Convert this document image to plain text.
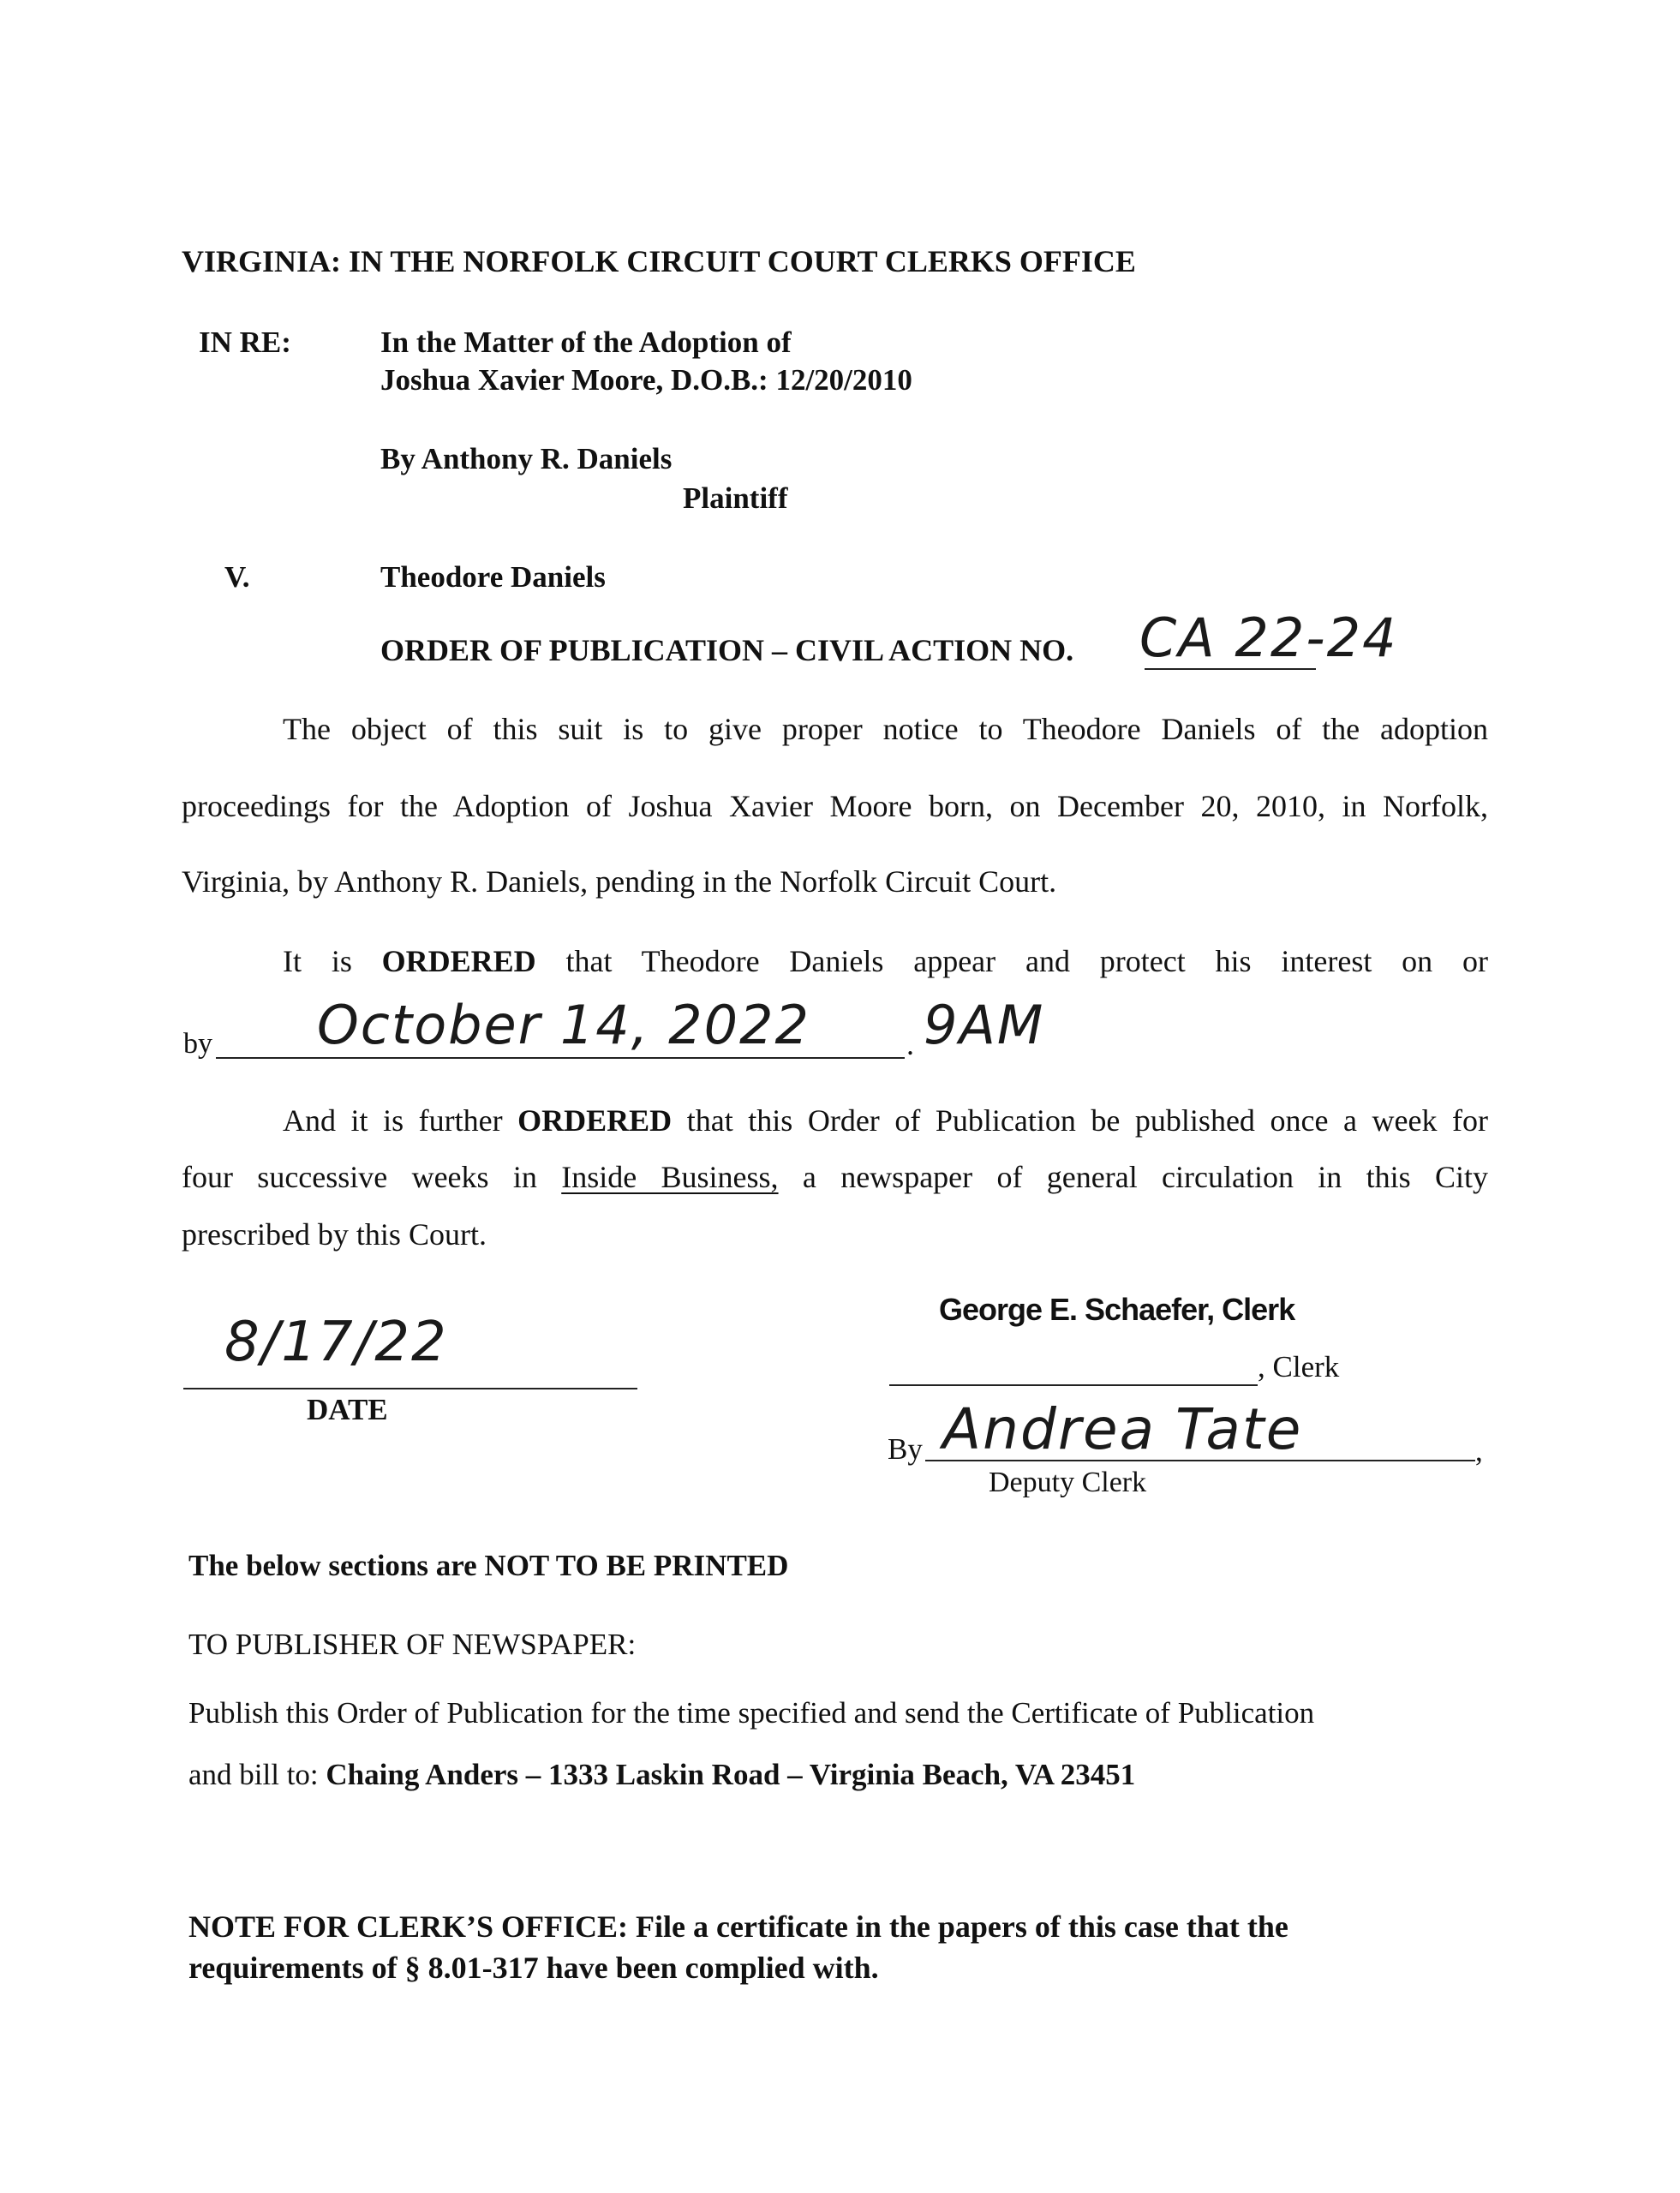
VIRGINIA: IN THE NORFOLK CIRCUIT COURT CLERKS OFFICE
IN RE:	In the Matter of the Adoption of
Joshua Xavier Moore, D.O.B.: 12/20/2010
By Anthony R. Daniels
Plaintiff
V.	Theodore Daniels
ORDER OF PUBLICATION – CIVIL ACTION NO. CA 22-24
The object of this suit is to give proper notice to Theodore Daniels of the adoption
proceedings for the Adoption of Joshua Xavier Moore born, on December 20, 2010, in Norfolk,
Virginia, by Anthony R. Daniels, pending in the Norfolk Circuit Court.
It is ORDERED that Theodore Daniels appear and protect his interest on or
by October 14, 2022	. 9AM
And it is further ORDERED that this Order of Publication be published once a week for
four successive weeks in Inside Business, a newspaper of general circulation in this City
prescribed by this Court.
8/17/22
DATE
George E. Schaefer, Clerk
, Clerk
By Andrea Tate	,
Deputy Clerk
The below sections are NOT TO BE PRINTED
TO PUBLISHER OF NEWSPAPER:
Publish this Order of Publication for the time specified and send the Certificate of Publication
and bill to: Chaing Anders – 1333 Laskin Road – Virginia Beach, VA 23451
NOTE FOR CLERK’S OFFICE: File a certificate in the papers of this case that the
requirements of § 8.01-317 have been complied with.
